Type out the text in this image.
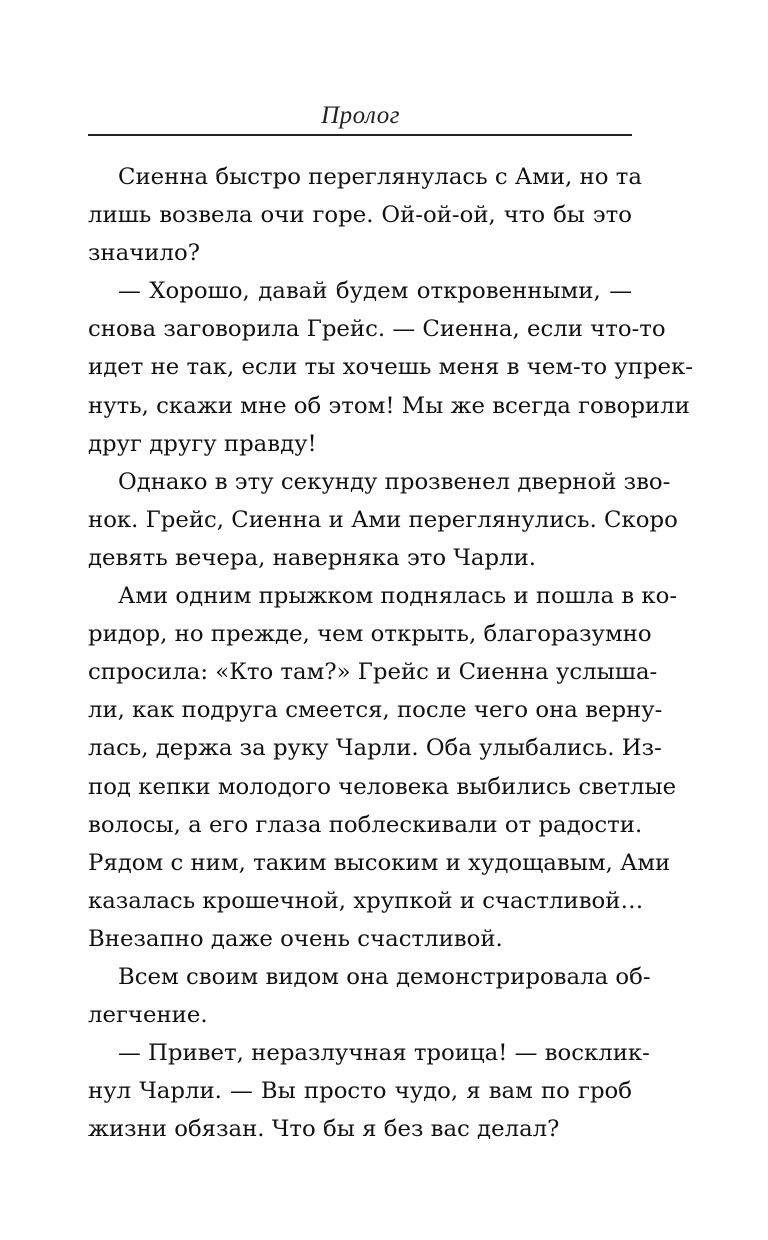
Пролог
Сиенна быстро переглянулась с Ами, но та
лишь возвела очи горе. Ой-ой-ой, что бы это
значило?
— Хорошо, давай будем откровенными, —
снова заговорила Грейс. — Сиенна, если что-то
идет не так, если ты хочешь меня в чем-то упрек-
нуть, скажи мне об этом! Мы же всегда говорили
друг другу правду!
Однако в эту секунду прозвенел дверной зво-
нок. Грейс, Сиенна и Ами переглянулись. Скоро
девять вечера, наверняка это Чарли.
Ами одним прыжком поднялась и пошла в ко-
ридор, но прежде, чем открыть, благоразумно
спросила: «Кто там?» Грейс и Сиенна услыша-
ли, как подруга смеется, после чего она верну-
лась, держа за руку Чарли. Оба улыбались. Из-
под кепки молодого человека выбились светлые
волосы, а его глаза поблескивали от радости.
Рядом с ним, таким высоким и худощавым, Ами
казалась крошечной, хрупкой и счастливой…
Внезапно даже очень счастливой.
Всем своим видом она демонстрировала об-
легчение.
— Привет, неразлучная троица! — восклик-
нул Чарли. — Вы просто чудо, я вам по гроб
жизни обязан. Что бы я без вас делал?
